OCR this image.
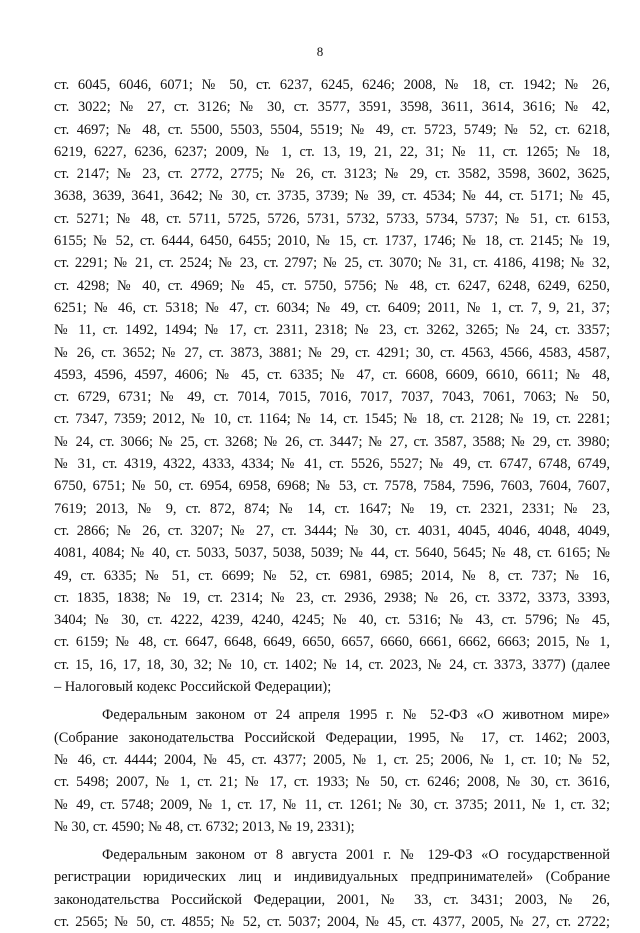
8
ст. 6045, 6046, 6071; № 50, ст. 6237, 6245, 6246; 2008, № 18, ст. 1942; № 26,
ст. 3022; № 27, ст. 3126; № 30, ст. 3577, 3591, 3598, 3611, 3614, 3616; № 42,
ст. 4697; № 48, ст. 5500, 5503, 5504, 5519; № 49, ст. 5723, 5749; № 52, ст. 6218,
6219, 6227, 6236, 6237; 2009, № 1, ст. 13, 19, 21, 22, 31; № 11, ст. 1265; № 18,
ст. 2147; № 23, ст. 2772, 2775; № 26, ст. 3123; № 29, ст. 3582, 3598, 3602, 3625,
3638, 3639, 3641, 3642; № 30, ст. 3735, 3739; № 39, ст. 4534; № 44, ст. 5171; № 45,
ст. 5271; № 48, ст. 5711, 5725, 5726, 5731, 5732, 5733, 5734, 5737; № 51, ст. 6153,
6155; № 52, ст. 6444, 6450, 6455; 2010, № 15, ст. 1737, 1746; № 18, ст. 2145; № 19,
ст. 2291; № 21, ст. 2524; № 23, ст. 2797; № 25, ст. 3070; № 31, ст. 4186, 4198; № 32,
ст. 4298; № 40, ст. 4969; № 45, ст. 5750, 5756; № 48, ст. 6247, 6248, 6249, 6250,
6251; № 46, ст. 5318; № 47, ст. 6034; № 49, ст. 6409; 2011, № 1, ст. 7, 9, 21, 37;
№ 11, ст. 1492, 1494; № 17, ст. 2311, 2318; № 23, ст. 3262, 3265; № 24, ст. 3357;
№ 26, ст. 3652; № 27, ст. 3873, 3881; № 29, ст. 4291; 30, ст. 4563, 4566, 4583, 4587,
4593, 4596, 4597, 4606; № 45, ст. 6335; № 47, ст. 6608, 6609, 6610, 6611; № 48,
ст. 6729, 6731; № 49, ст. 7014, 7015, 7016, 7017, 7037, 7043, 7061, 7063; № 50,
ст. 7347, 7359; 2012, № 10, ст. 1164; № 14, ст. 1545; № 18, ст. 2128; № 19, ст. 2281;
№ 24, ст. 3066; № 25, ст. 3268; № 26, ст. 3447; № 27, ст. 3587, 3588; № 29, ст. 3980;
№ 31, ст. 4319, 4322, 4333, 4334; № 41, ст. 5526, 5527; № 49, ст. 6747, 6748, 6749,
6750, 6751; № 50, ст. 6954, 6958, 6968; № 53, ст. 7578, 7584, 7596, 7603, 7604, 7607,
7619; 2013, № 9, ст. 872, 874; № 14, ст. 1647; № 19, ст. 2321, 2331; № 23,
ст. 2866; № 26, ст. 3207; № 27, ст. 3444; № 30, ст. 4031, 4045, 4046, 4048, 4049,
4081, 4084; № 40, ст. 5033, 5037, 5038, 5039; № 44, ст. 5640, 5645; № 48, ст. 6165; №
49, ст. 6335; № 51, ст. 6699; № 52, ст. 6981, 6985; 2014, № 8, ст. 737; № 16,
ст. 1835, 1838; № 19, ст. 2314; № 23, ст. 2936, 2938; № 26, ст. 3372, 3373, 3393,
3404; № 30, ст. 4222, 4239, 4240, 4245; № 40, ст. 5316; № 43, ст. 5796; № 45,
ст. 6159; № 48, ст. 6647, 6648, 6649, 6650, 6657, 6660, 6661, 6662, 6663; 2015, № 1,
ст. 15, 16, 17, 18, 30, 32; № 10, ст. 1402; № 14, ст. 2023, № 24, ст. 3373, 3377) (далее
– Налоговый кодекс Российской Федерации);
Федеральным законом от 24 апреля 1995 г. № 52-ФЗ «О животном мире»
(Собрание законодательства Российской Федерации, 1995, № 17, ст. 1462; 2003,
№ 46, ст. 4444; 2004, № 45, ст. 4377; 2005, № 1, ст. 25; 2006, № 1, ст. 10; № 52,
ст. 5498; 2007, № 1, ст. 21; № 17, ст. 1933; № 50, ст. 6246; 2008, № 30, ст. 3616,
№ 49, ст. 5748; 2009, № 1, ст. 17, № 11, ст. 1261; № 30, ст. 3735; 2011, № 1, ст. 32;
№ 30, ст. 4590; № 48, ст. 6732; 2013, № 19, 2331);
Федеральным законом от 8 августа 2001 г. № 129-ФЗ «О государственной
регистрации юридических лиц и индивидуальных предпринимателей» (Собрание
законодательства Российской Федерации, 2001, № 33, ст. 3431; 2003, № 26,
ст. 2565; № 50, ст. 4855; № 52, ст. 5037; 2004, № 45, ст. 4377, 2005, № 27, ст. 2722;
